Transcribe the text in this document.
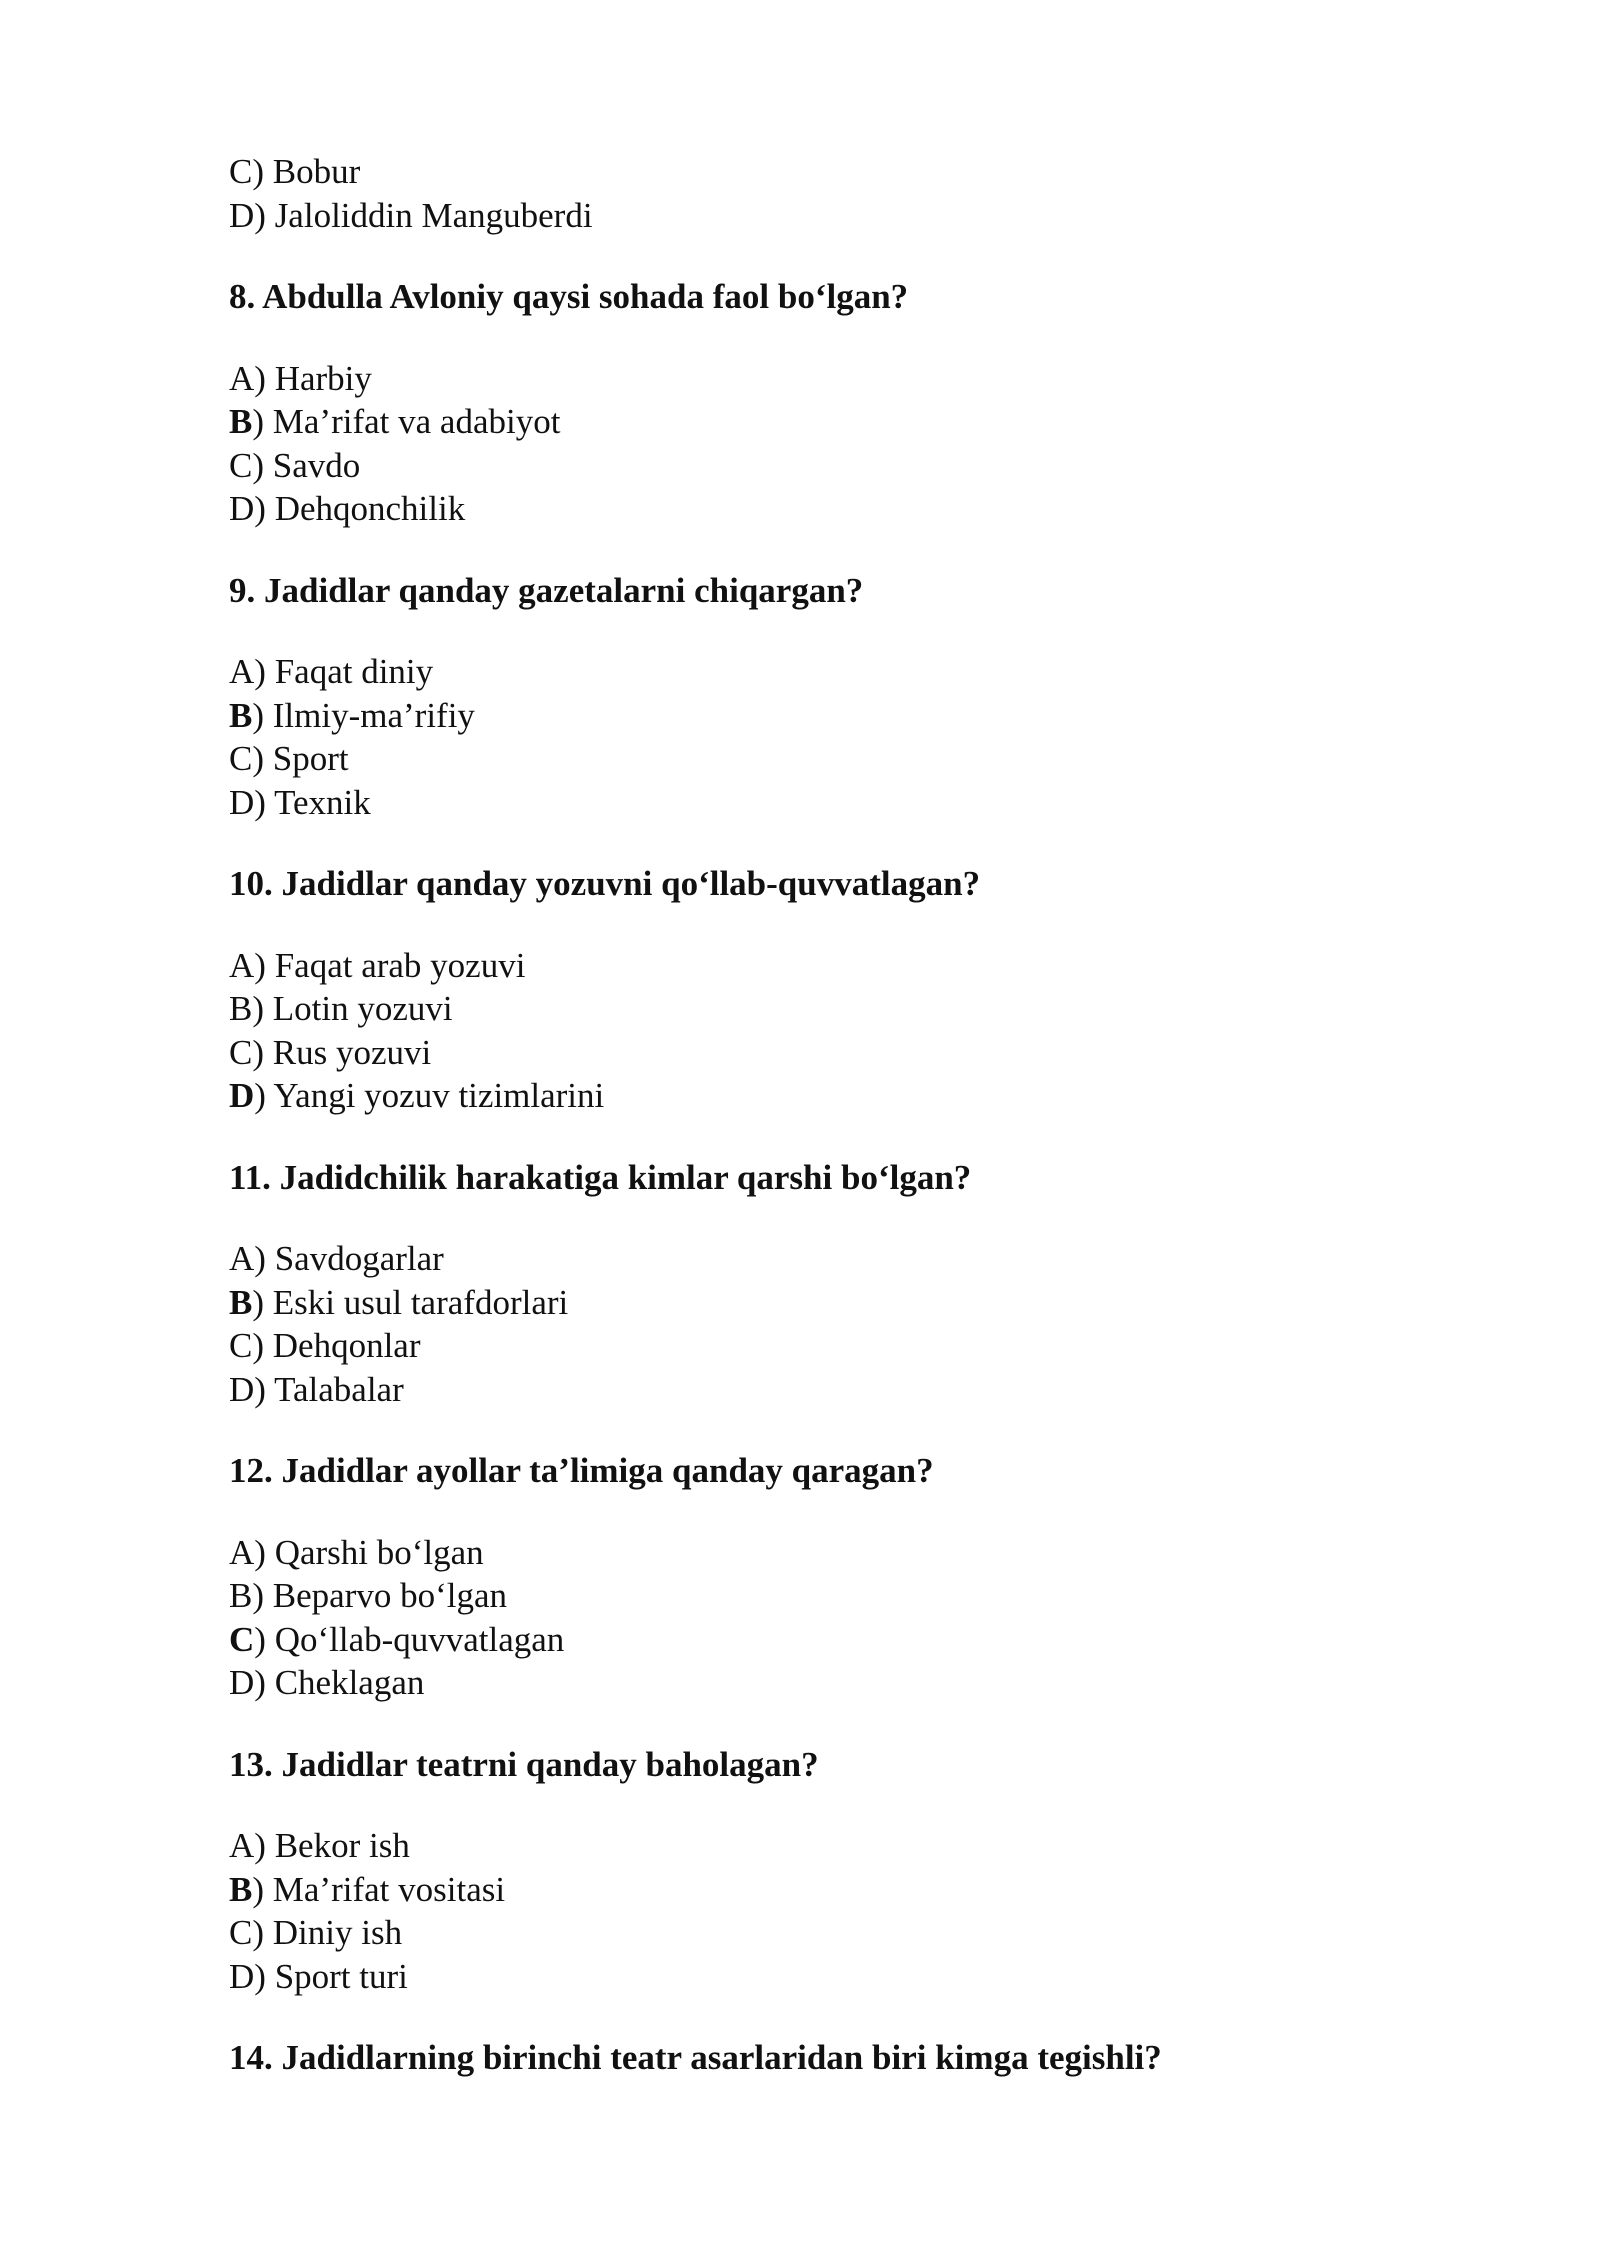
C) Bobur
D) Jaloliddin Manguberdi
8. Abdulla Avloniy qaysi sohada faol bo‘lgan?
A) Harbiy
B) Ma’rifat va adabiyot
C) Savdo
D) Dehqonchilik
9. Jadidlar qanday gazetalarni chiqargan?
A) Faqat diniy
B) Ilmiy-ma’rifiy
C) Sport
D) Texnik
10. Jadidlar qanday yozuvni qo‘llab-quvvatlagan?
A) Faqat arab yozuvi
B) Lotin yozuvi
C) Rus yozuvi
D) Yangi yozuv tizimlarini
11. Jadidchilik harakatiga kimlar qarshi bo‘lgan?
A) Savdogarlar
B) Eski usul tarafdorlari
C) Dehqonlar
D) Talabalar
12. Jadidlar ayollar ta’limiga qanday qaragan?
A) Qarshi bo‘lgan
B) Beparvo bo‘lgan
C) Qo‘llab-quvvatlagan
D) Cheklagan
13. Jadidlar teatrni qanday baholagan?
A) Bekor ish
B) Ma’rifat vositasi
C) Diniy ish
D) Sport turi
14. Jadidlarning birinchi teatr asarlaridan biri kimga tegishli?
